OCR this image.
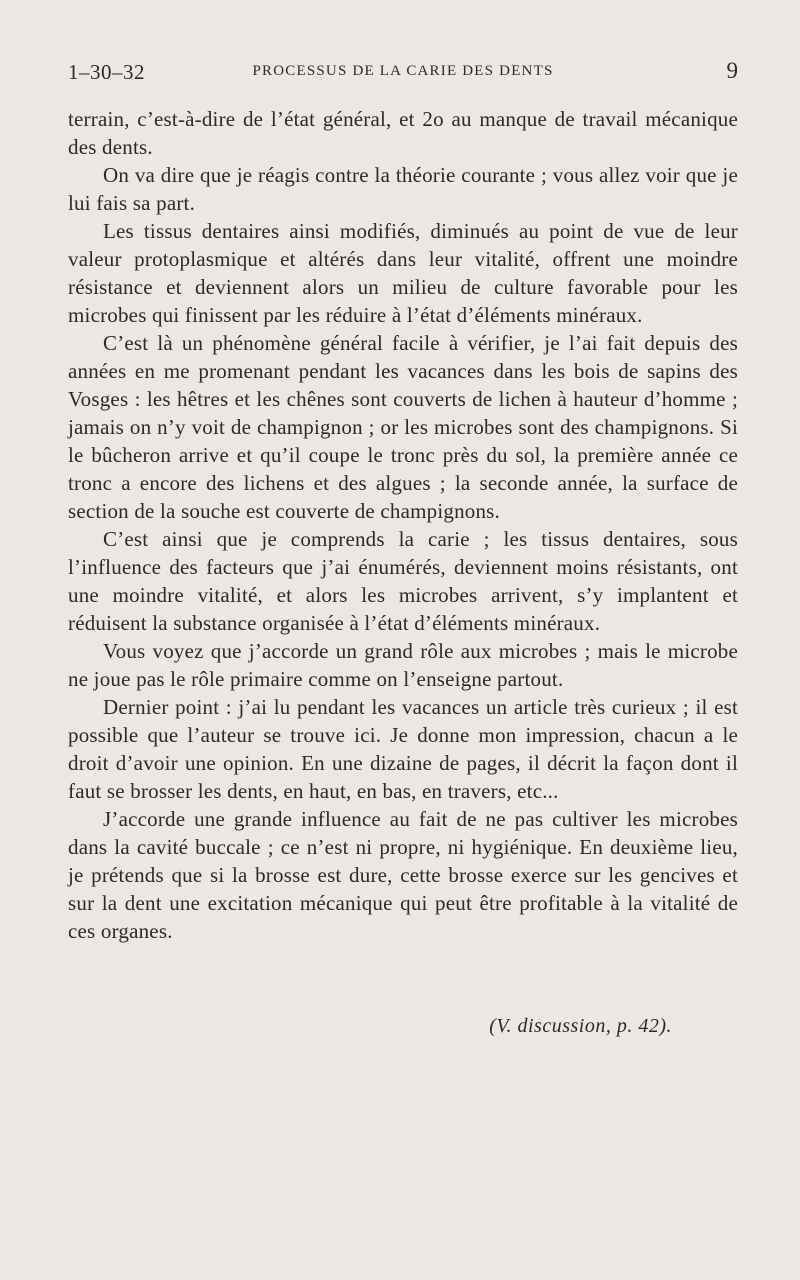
1–30–32	PROCESSUS DE LA CARIE DES DENTS	9

terrain, c’est-à-dire de l’état général, et 2o au manque de travail mécanique des dents.

On va dire que je réagis contre la théorie courante ; vous allez voir que je lui fais sa part.

Les tissus dentaires ainsi modifiés, diminués au point de vue de leur valeur protoplasmique et altérés dans leur vitalité, offrent une moindre résistance et deviennent alors un milieu de culture favorable pour les microbes qui finissent par les réduire à l’état d’éléments minéraux.

C’est là un phénomène général facile à vérifier, je l’ai fait depuis des années en me promenant pendant les vacances dans les bois de sapins des Vosges : les hêtres et les chênes sont couverts de lichen à hauteur d’homme ; jamais on n’y voit de champignon ; or les microbes sont des champignons. Si le bûcheron arrive et qu’il coupe le tronc près du sol, la première année ce tronc a encore des lichens et des algues ; la seconde année, la surface de section de la souche est couverte de champignons.

C’est ainsi que je comprends la carie ; les tissus dentaires, sous l’influence des facteurs que j’ai énumérés, deviennent moins résistants, ont une moindre vitalité, et alors les microbes arrivent, s’y implantent et réduisent la substance organisée à l’état d’éléments minéraux.

Vous voyez que j’accorde un grand rôle aux microbes ; mais le microbe ne joue pas le rôle primaire comme on l’enseigne partout.

Dernier point : j’ai lu pendant les vacances un article très curieux ; il est possible que l’auteur se trouve ici. Je donne mon impression, chacun a le droit d’avoir une opinion. En une dizaine de pages, il décrit la façon dont il faut se brosser les dents, en haut, en bas, en travers, etc...

J’accorde une grande influence au fait de ne pas cultiver les microbes dans la cavité buccale ; ce n’est ni propre, ni hygiénique. En deuxième lieu, je prétends que si la brosse est dure, cette brosse exerce sur les gencives et sur la dent une excitation mécanique qui peut être profitable à la vitalité de ces organes.

(V. discussion, p. 42).
